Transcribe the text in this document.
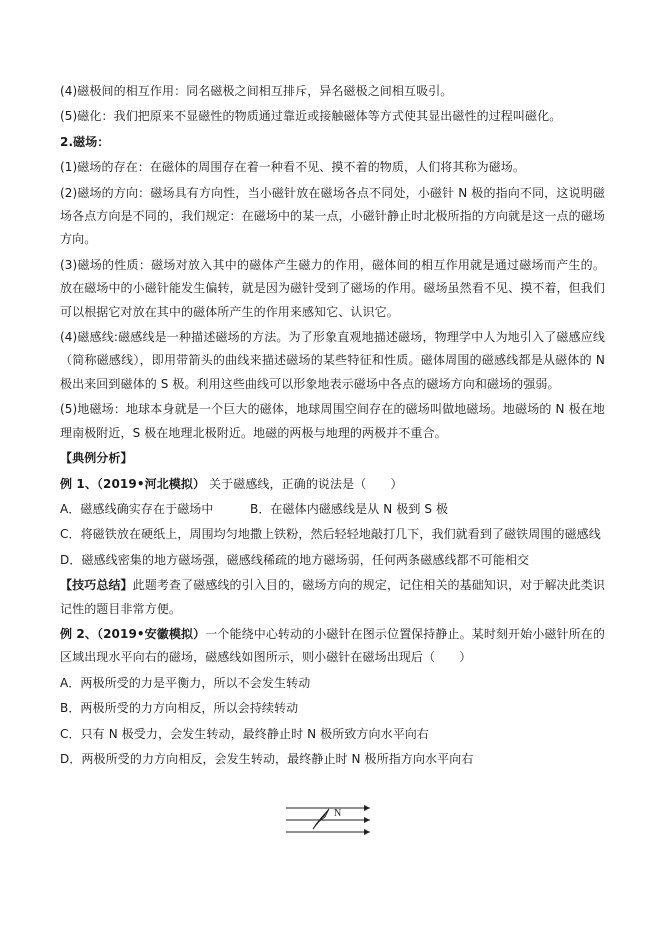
(4)磁极间的相互作用：同名磁极之间相互排斥，异名磁极之间相互吸引。

(5)磁化：我们把原来不显磁性的物质通过靠近或接触磁体等方式使其显出磁性的过程叫磁化。

2.磁场：

(1)磁场的存在：在磁体的周围存在着一种看不见、摸不着的物质，人们将其称为磁场。

(2)磁场的方向：磁场具有方向性，当小磁针放在磁场各点不同处，小磁针 N 极的指向不同，这说明磁场各点方向是不同的，我们规定：在磁场中的某一点，小磁针静止时北极所指的方向就是这一点的磁场方向。

(3)磁场的性质：磁场对放入其中的磁体产生磁力的作用，磁体间的相互作用就是通过磁场而产生的。放在磁场中的小磁针能发生偏转，就是因为磁针受到了磁场的作用。磁场虽然看不见、摸不着，但我们可以根据它对放在其中的磁体所产生的作用来感知它、认识它。

(4)磁感线:磁感线是一种描述磁场的方法。为了形象直观地描述磁场，物理学中人为地引入了磁感应线（简称磁感线），即用带箭头的曲线来描述磁场的某些特征和性质。磁体周围的磁感线都是从磁体的 N 极出来回到磁体的 S 极。利用这些曲线可以形象地表示磁场中各点的磁场方向和磁场的强弱。

(5)地磁场：地球本身就是一个巨大的磁体，地球周围空间存在的磁场叫做地磁场。地磁场的 N 极在地理南极附近，S 极在地理北极附近。地磁的两极与地理的两极并不重合。

【典例分析】

例 1、（2019•河北模拟） 关于磁感线，正确的说法是（　　）

A．磁感线确实存在于磁场中	B．在磁体内磁感线是从 N 极到 S 极

C．将磁铁放在硬纸上，周围均匀地撒上铁粉，然后轻轻地敲打几下，我们就看到了磁铁周围的磁感线

D．磁感线密集的地方磁场强，磁感线稀疏的地方磁场弱，任何两条磁感线都不可能相交

【技巧总结】此题考查了磁感线的引入目的，磁场方向的规定，记住相关的基础知识，对于解决此类识记性的题目非常方便。

例 2、（2019•安徽模拟）一个能绕中心转动的小磁针在图示位置保持静止。某时刻开始小磁针所在的区域出现水平向右的磁场，磁感线如图所示，则小磁针在磁场出现后（　　）

A．两极所受的力是平衡力，所以不会发生转动

B．两极所受的力方向相反，所以会持续转动

C．只有 N 极受力，会发生转动，最终静止时 N 极所致方向水平向右

D．两极所受的力方向相反，会发生转动，最终静止时 N 极所指方向水平向右

N
